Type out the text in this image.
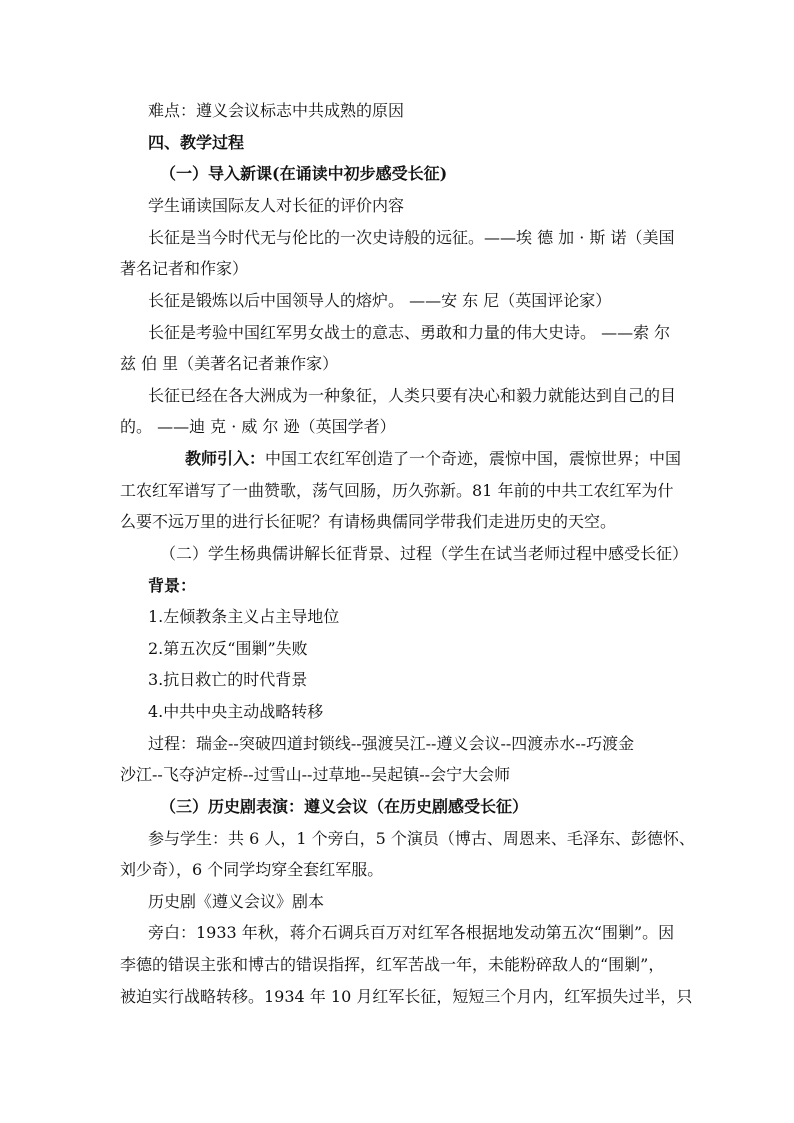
难点：遵义会议标志中共成熟的原因
四、教学过程
（一）导入新课(在诵读中初步感受长征)
学生诵读国际友人对长征的评价内容
长征是当今时代无与伦比的一次史诗般的远征。——埃 德 加 · 斯 诺（美国
著名记者和作家）
长征是锻炼以后中国领导人的熔炉。 ——安 东 尼（英国评论家）
长征是考验中国红军男女战士的意志、勇敢和力量的伟大史诗。 ——索 尔
兹 伯 里（美著名记者兼作家）
长征已经在各大洲成为一种象征，人类只要有决心和毅力就能达到自己的目
的。 ——迪 克 · 威 尔 逊（英国学者）
教师引入：中国工农红军创造了一个奇迹，震惊中国，震惊世界；中国
工农红军谱写了一曲赞歌，荡气回肠，历久弥新。81 年前的中共工农红军为什
么要不远万里的进行长征呢？有请杨典儒同学带我们走进历史的天空。
（二）学生杨典儒讲解长征背景、过程（学生在试当老师过程中感受长征）
背景：
1.左倾教条主义占主导地位
2.第五次反“围剿”失败
3.抗日救亡的时代背景
4.中共中央主动战略转移
过程：瑞金--突破四道封锁线--强渡吴江--遵义会议--四渡赤水--巧渡金
沙江--飞夺泸定桥--过雪山--过草地--吴起镇--会宁大会师
（三）历史剧表演：遵义会议（在历史剧感受长征）
参与学生：共 6 人，1 个旁白，5 个演员（博古、周恩来、毛泽东、彭德怀、
刘少奇），6 个同学均穿全套红军服。
历史剧《遵义会议》剧本
旁白：1933 年秋，蒋介石调兵百万对红军各根据地发动第五次“围剿”。因
李德的错误主张和博古的错误指挥，红军苦战一年，未能粉碎敌人的“围剿”，
被迫实行战略转移。1934 年 10 月红军长征，短短三个月内，红军损失过半，只
